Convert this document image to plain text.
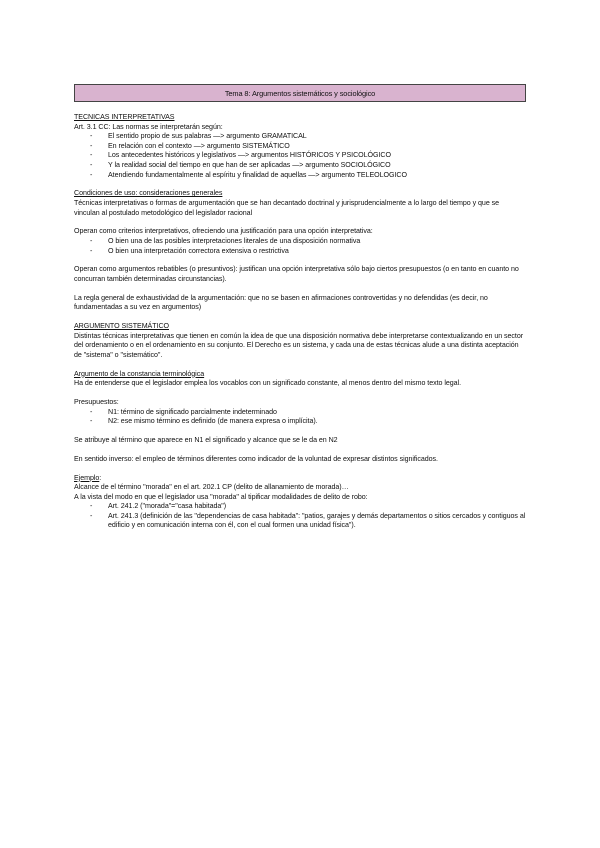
Tema 8: Argumentos sistemáticos y sociológico

TECNICAS INTERPRETATIVAS

Art. 3.1 CC: Las normas se interpretarán según:

- El sentido propio de sus palabras —> argumento GRAMATICAL
- En relación con el contexto —> argumento SISTEMÁTICO
- Los antecedentes históricos y legislativos —> argumentos HISTÓRICOS Y PSICOLÓGICO
- Y la realidad social del tiempo en que han de ser aplicadas —> argumento SOCIOLÓGICO
- Atendiendo fundamentalmente al espíritu y finalidad de aquellas —> argumento TELEOLOGICO

Condiciones de uso: consideraciones generales

Técnicas interpretativas o formas de argumentación que se han decantado doctrinal y jurisprudencialmente a lo largo del tiempo y que se vinculan al postulado metodológico del legislador racional

Operan como criterios interpretativos, ofreciendo una justificación para una opción interpretativa:

- O bien una de las posibles interpretaciones literales de una disposición normativa
- O bien una interpretación correctora extensiva o restrictiva

Operan como argumentos rebatibles (o presuntivos): justifican una opción interpretativa sólo bajo ciertos presupuestos (o en tanto en cuanto no concurran también determinadas circunstancias).

La regla general de exhaustividad de la argumentación: que no se basen en afirmaciones controvertidas y no defendidas (es decir, no fundamentadas a su vez en argumentos)

ARGUMENTO SISTEMÁTICO

Distintas técnicas interpretativas que tienen en común la idea de que una disposición normativa debe interpretarse contextualizando en un sector del ordenamiento o en el ordenamiento en su conjunto. El Derecho es un sistema, y cada una de estas técnicas alude a una distinta aceptación de "sistema" o "sistemático".

Argumento de la constancia terminológica

Ha de entenderse que el legislador emplea los vocablos con un significado constante, al menos dentro del mismo texto legal.

Presupuestos:

- N1: término de significado parcialmente indeterminado
- N2: ese mismo término es definido (de manera expresa o implícita).

Se atribuye al término que aparece en N1 el significado y alcance que se le da en N2

En sentido inverso: el empleo de términos diferentes como indicador de la voluntad de expresar distintos significados.

Ejemplo:

Alcance de el término "morada" en el art. 202.1 CP (delito de allanamiento de morada)…

A la vista del modo en que el legislador usa "morada" al tipificar modalidades de delito de robo:

- Art. 241.2 ("morada"="casa habitada")
- Art. 241.3 (definición de las "dependencias de casa habitada": "patios, garajes y demás departamentos o sitios cercados y contiguos al edificio y en comunicación interna con él, con el cual formen una unidad física").
